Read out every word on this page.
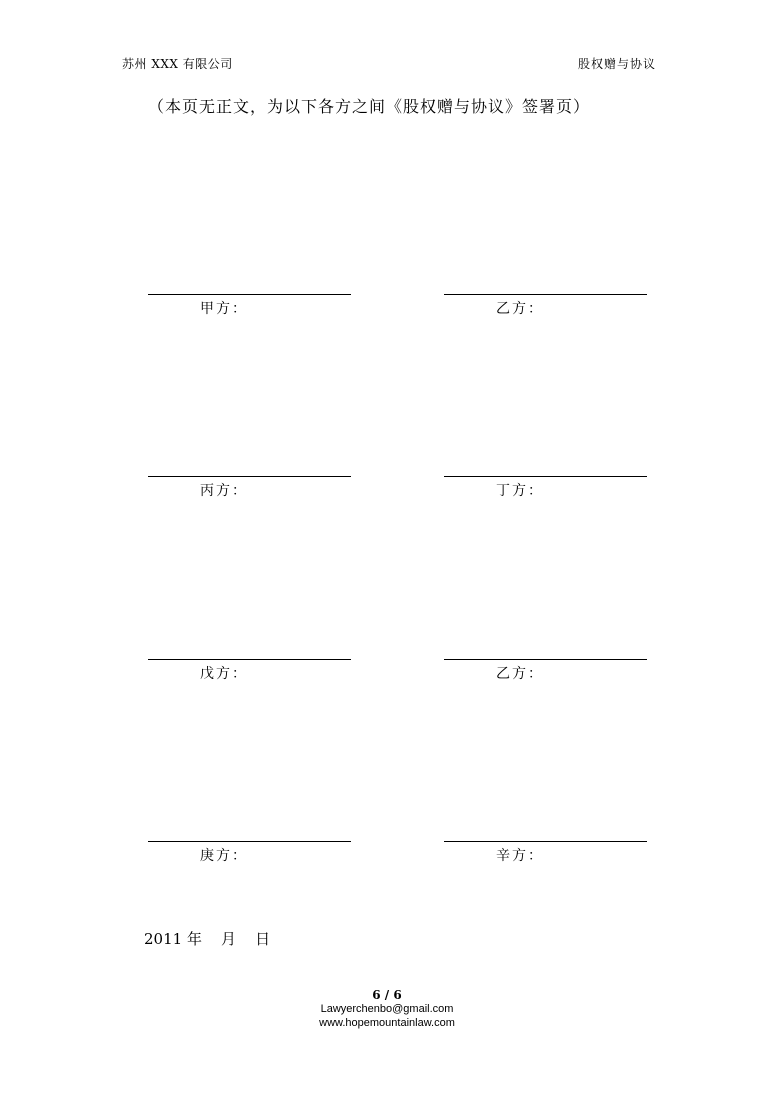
苏州 XXX 有限公司	股权赠与协议
（本页无正文，为以下各方之间《股权赠与协议》签署页）
甲方：	乙方：
丙方：	丁方：
戊方：	乙方：
庚方：	辛方：
2011 年    月    日
6 / 6
Lawyerchenbo@gmail.com
www.hopemountainlaw.com
